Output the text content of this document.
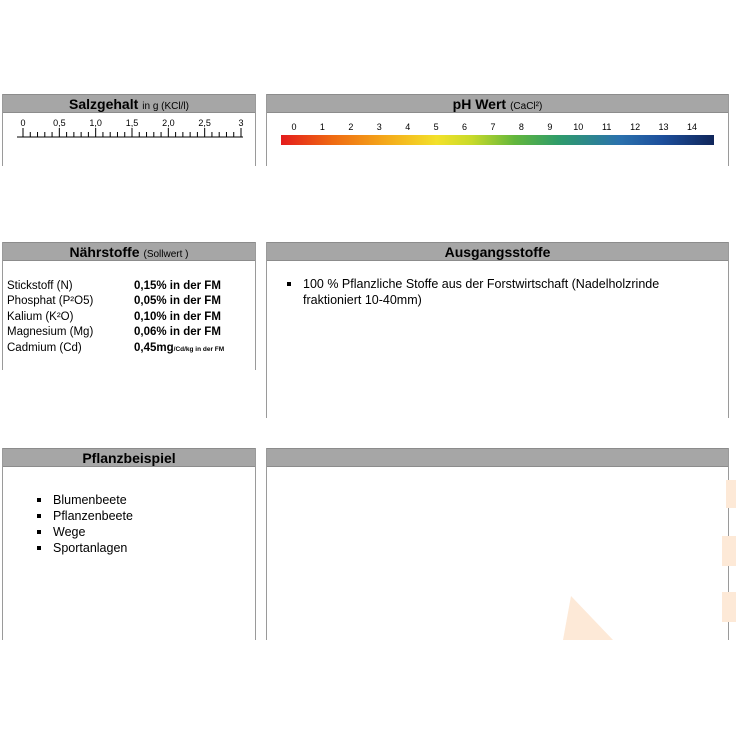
Salzgehalt in g (KCl/l)
0	0,5	1,0	1,5	2,0	2,5	3
pH Wert (CaCl²)
0	1	2	3	4	5	6	7	8	9 10 11 12 13 14
Nährstoffe (Sollwert )
Stickstoff (N)	0,15% in der FM
Phosphat (P²O5)	0,05% in der FM
Kalium (K²O)	0,10% in der FM
Magnesium (Mg)	0,06% in der FM
Cadmium (Cd)	0,45mg/Cd/kg in der FM
Ausgangsstoffe
100 % Pflanzliche Stoffe aus der Forstwirtschaft (Nadelholzrinde fraktioniert 10-40mm)
Pflanzbeispiel
Blumenbeete
Pflanzenbeete
Wege
Sportanlagen
